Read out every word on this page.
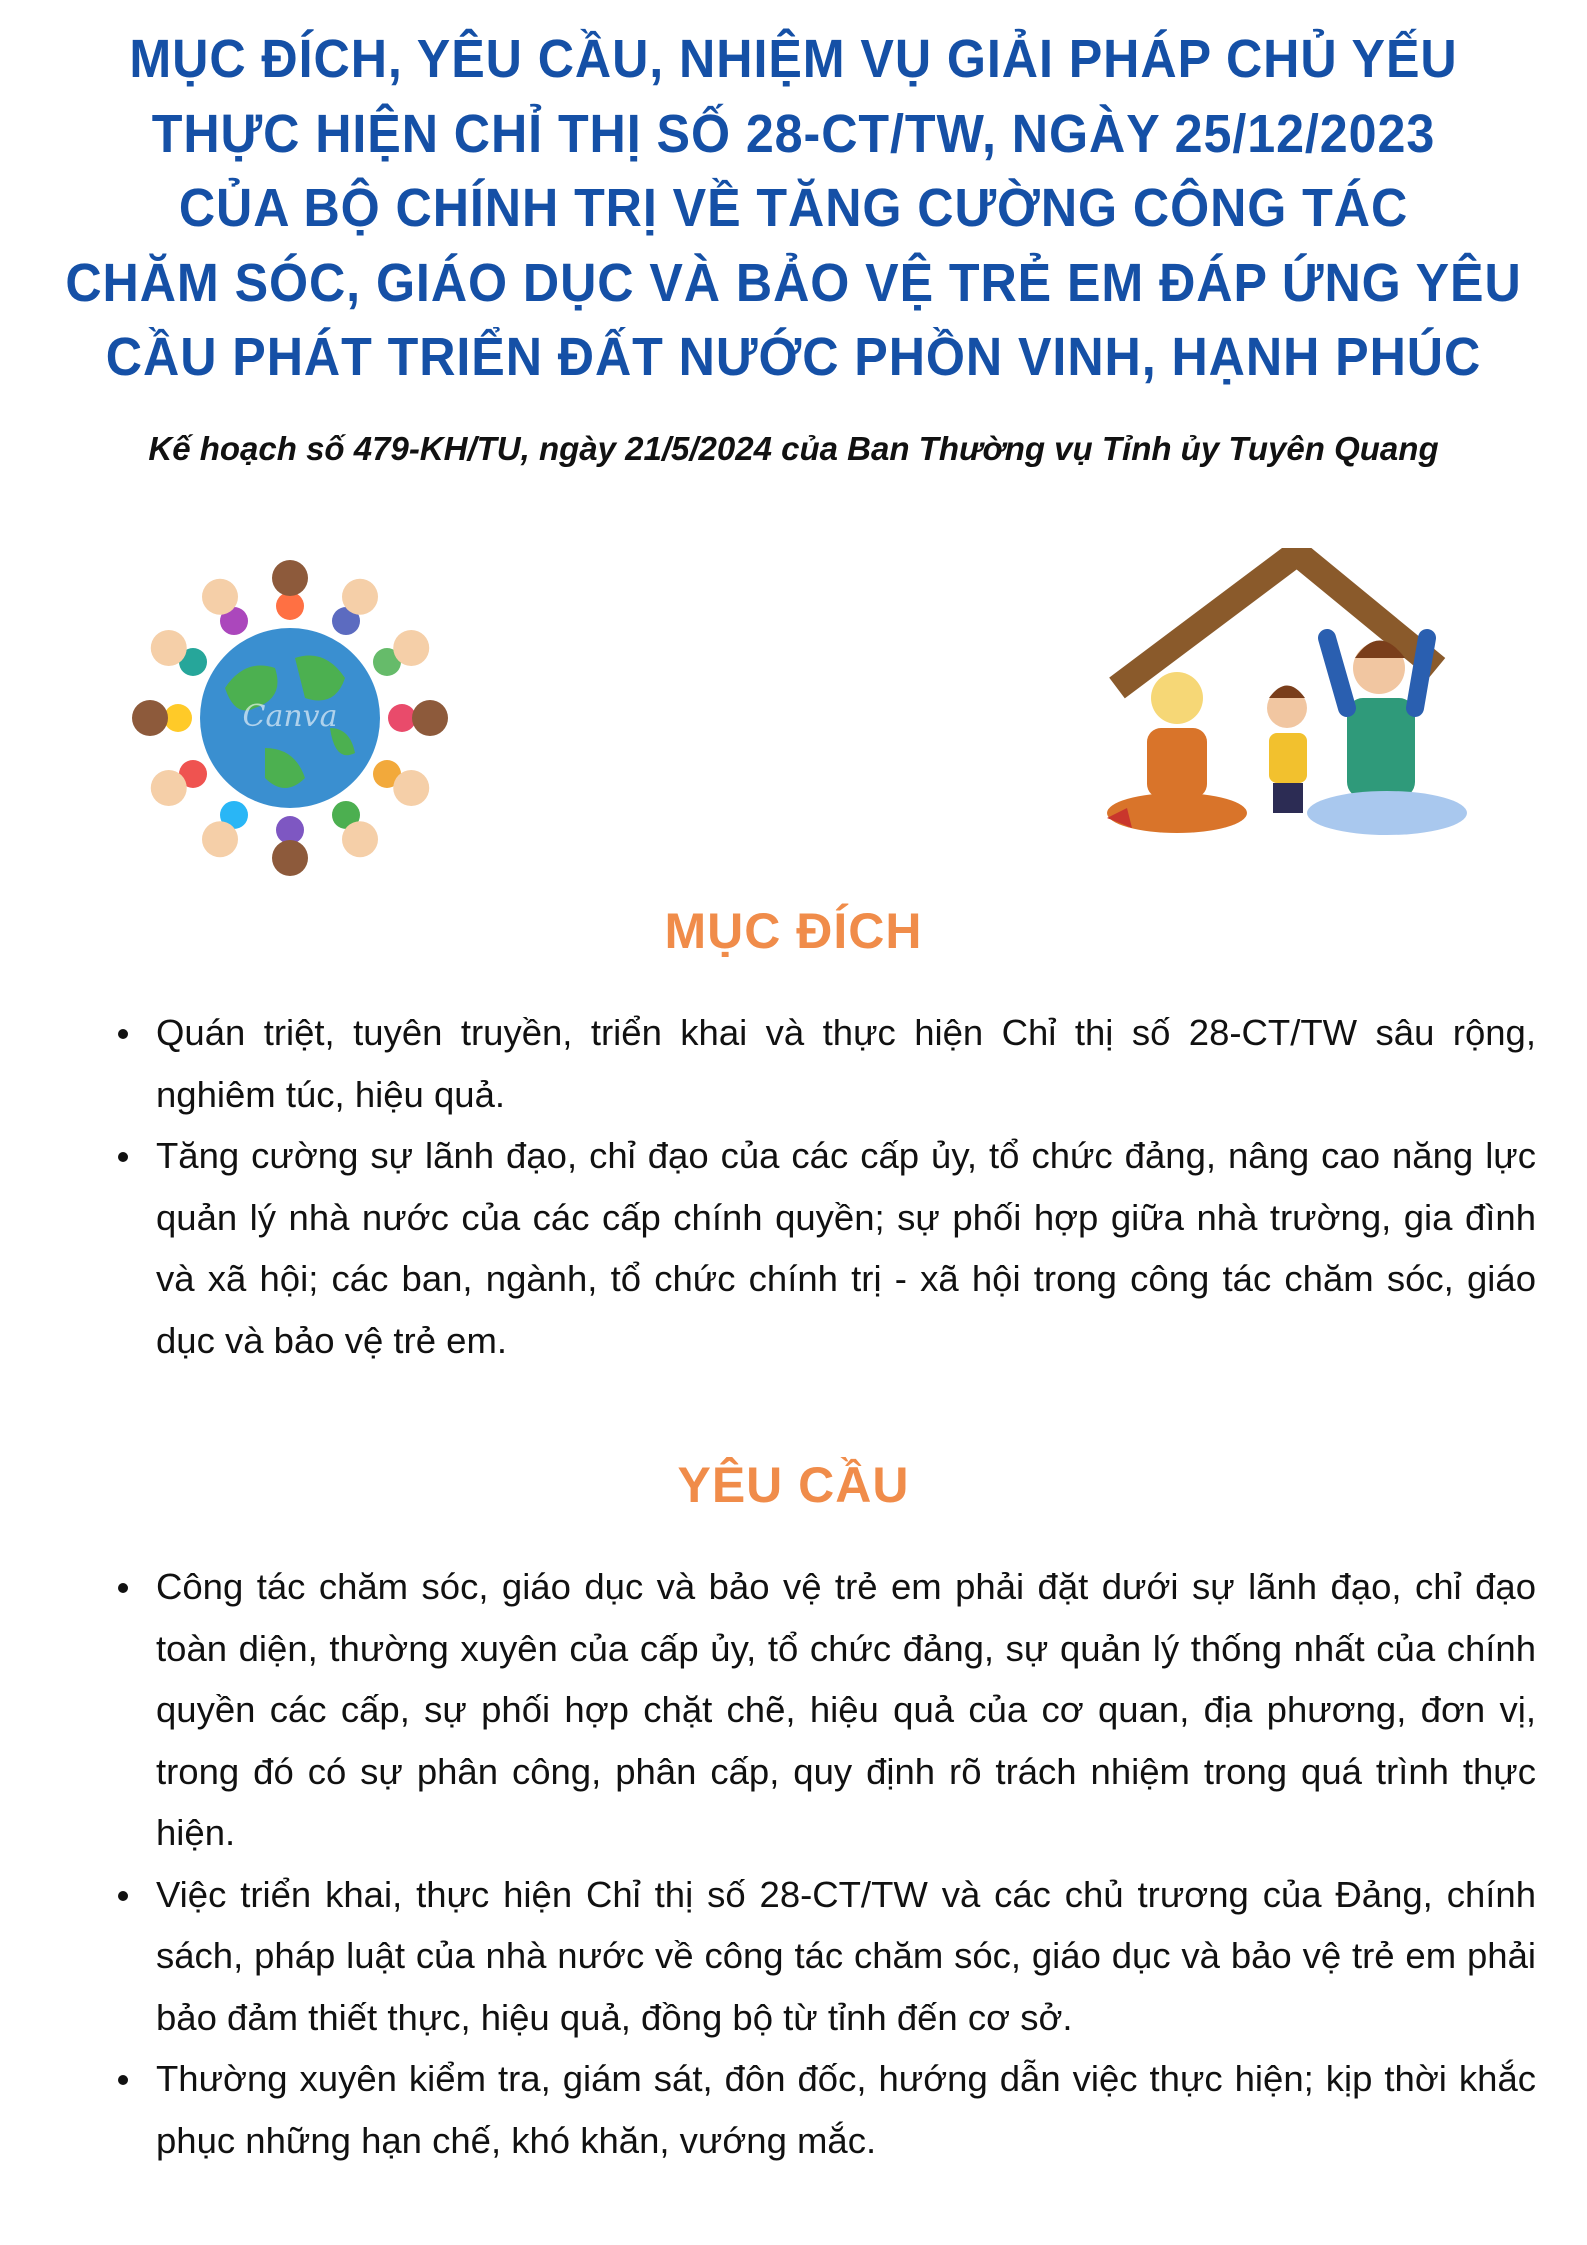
MỤC ĐÍCH, YÊU CẦU, NHIỆM VỤ GIẢI PHÁP CHỦ YẾU
THỰC HIỆN CHỈ THỊ SỐ 28-CT/TW, NGÀY 25/12/2023
CỦA BỘ CHÍNH TRỊ VỀ TĂNG CƯỜNG CÔNG TÁC
CHĂM SÓC, GIÁO DỤC VÀ BẢO VỆ TRẺ EM ĐÁP ỨNG YÊU
CẦU PHÁT TRIỂN ĐẤT NƯỚC PHỒN VINH, HẠNH PHÚC
Kế hoạch số 479-KH/TU, ngày 21/5/2024 của Ban Thường vụ Tỉnh ủy Tuyên Quang
Canva
MỤC ĐÍCH
Quán triệt, tuyên truyền, triển khai và thực hiện Chỉ thị số 28-CT/TW sâu rộng, nghiêm túc, hiệu quả.
Tăng cường sự lãnh đạo, chỉ đạo của các cấp ủy, tổ chức đảng, nâng cao năng lực quản lý nhà nước của các cấp chính quyền; sự phối hợp giữa nhà trường, gia đình và xã hội; các ban, ngành, tổ chức chính trị - xã hội trong công tác chăm sóc, giáo dục và bảo vệ trẻ em.
YÊU CẦU
Công tác chăm sóc, giáo dục và bảo vệ trẻ em phải đặt dưới sự lãnh đạo, chỉ đạo toàn diện, thường xuyên của cấp ủy, tổ chức đảng, sự quản lý thống nhất của chính quyền các cấp, sự phối hợp chặt chẽ, hiệu quả của cơ quan, địa phương, đơn vị, trong đó có sự phân công, phân cấp, quy định rõ trách nhiệm trong quá trình thực hiện.
Việc triển khai, thực hiện Chỉ thị số 28-CT/TW và các chủ trương của Đảng, chính sách, pháp luật của nhà nước về công tác chăm sóc, giáo dục và bảo vệ trẻ em phải bảo đảm thiết thực, hiệu quả, đồng bộ từ tỉnh đến cơ sở.
Thường xuyên kiểm tra, giám sát, đôn đốc, hướng dẫn việc thực hiện; kịp thời khắc phục những hạn chế, khó khăn, vướng mắc.
